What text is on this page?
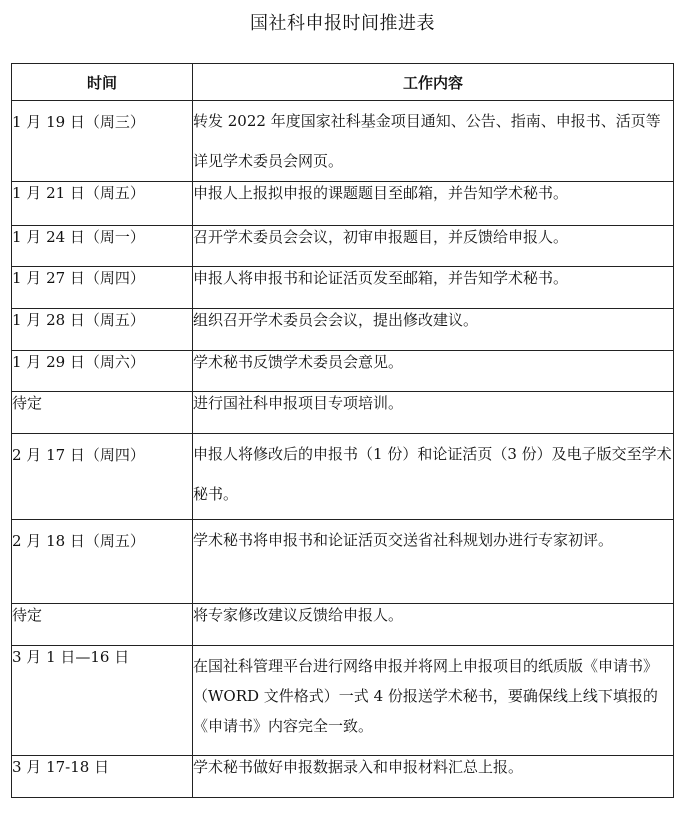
国社科申报时间推进表
时间	工作内容
1 月 19 日（周三）	转发 2022 年度国家社科基金项目通知、公告、指南、申报书、活页等详见学术委员会网页。
1 月 21 日（周五）	申报人上报拟申报的课题题目至邮箱，并告知学术秘书。
1 月 24 日（周一）	召开学术委员会会议，初审申报题目，并反馈给申报人。
1 月 27 日（周四）	申报人将申报书和论证活页发至邮箱，并告知学术秘书。
1 月 28 日（周五）	组织召开学术委员会会议，提出修改建议。
1 月 29 日（周六）	学术秘书反馈学术委员会意见。
待定	进行国社科申报项目专项培训。
2 月 17 日（周四）	申报人将修改后的申报书（1 份）和论证活页（3 份）及电子版交至学术秘书。
2 月 18 日（周五）	学术秘书将申报书和论证活页交送省社科规划办进行专家初评。
待定	将专家修改建议反馈给申报人。
3 月 1 日—16 日	在国社科管理平台进行网络申报并将网上申报项目的纸质版《申请书》（WORD 文件格式）一式 4 份报送学术秘书，要确保线上线下填报的《申请书》内容完全一致。
3 月 17-18 日	学术秘书做好申报数据录入和申报材料汇总上报。
